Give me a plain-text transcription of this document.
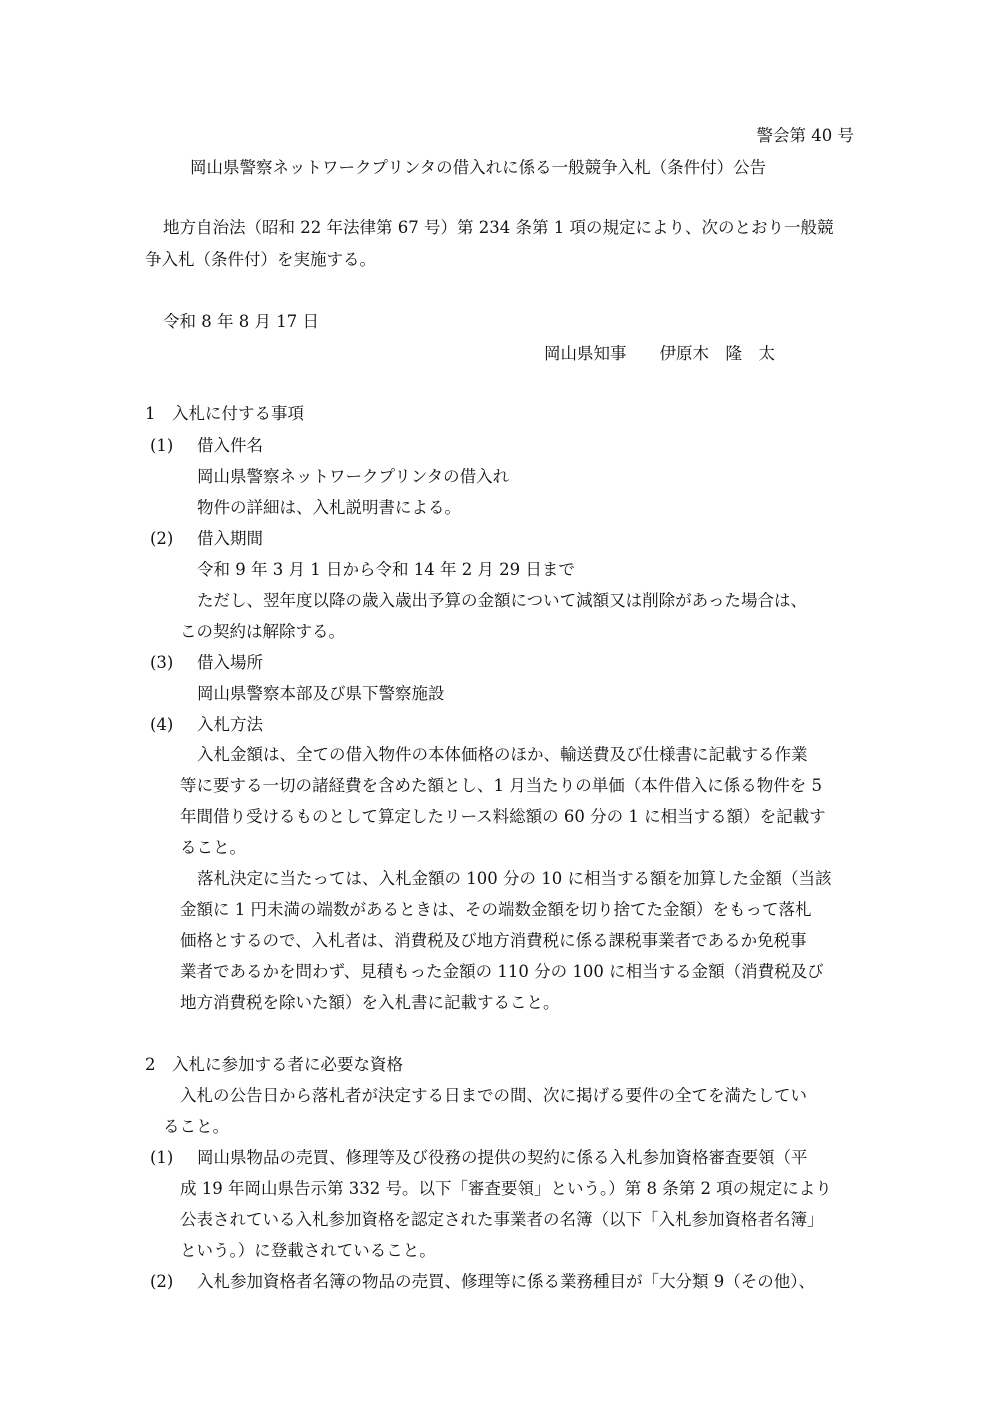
警会第 40 号
岡山県警察ネットワークプリンタの借入れに係る一般競争入札（条件付）公告
地方自治法（昭和 22 年法律第 67 号）第 234 条第 1 項の規定により、次のとおり一般競
争入札（条件付）を実施する。
令和 8 年 8 月 17 日
岡山県知事　　伊原木　隆　太
1　入札に付する事項
(1) 借入件名
岡山県警察ネットワークプリンタの借入れ
物件の詳細は、入札説明書による。
(2) 借入期間
令和 9 年 3 月 1 日から令和 14 年 2 月 29 日まで
ただし、翌年度以降の歳入歳出予算の金額について減額又は削除があった場合は、
この契約は解除する。
(3) 借入場所
岡山県警察本部及び県下警察施設
(4) 入札方法
入札金額は、全ての借入物件の本体価格のほか、輸送費及び仕様書に記載する作業
等に要する一切の諸経費を含めた額とし、1 月当たりの単価（本件借入に係る物件を 5
年間借り受けるものとして算定したリース料総額の 60 分の 1 に相当する額）を記載す
ること。
落札決定に当たっては、入札金額の 100 分の 10 に相当する額を加算した金額（当該
金額に 1 円未満の端数があるときは、その端数金額を切り捨てた金額）をもって落札
価格とするので、入札者は、消費税及び地方消費税に係る課税事業者であるか免税事
業者であるかを問わず、見積もった金額の 110 分の 100 に相当する金額（消費税及び
地方消費税を除いた額）を入札書に記載すること。
2　入札に参加する者に必要な資格
入札の公告日から落札者が決定する日までの間、次に掲げる要件の全てを満たしてい
ること。
(1) 岡山県物品の売買、修理等及び役務の提供の契約に係る入札参加資格審査要領（平
成 19 年岡山県告示第 332 号。以下「審査要領」という。）第 8 条第 2 項の規定により
公表されている入札参加資格を認定された事業者の名簿（以下「入札参加資格者名簿」
という。）に登載されていること。
(2) 入札参加資格者名簿の物品の売買、修理等に係る業務種目が「大分類 9（その他）、
